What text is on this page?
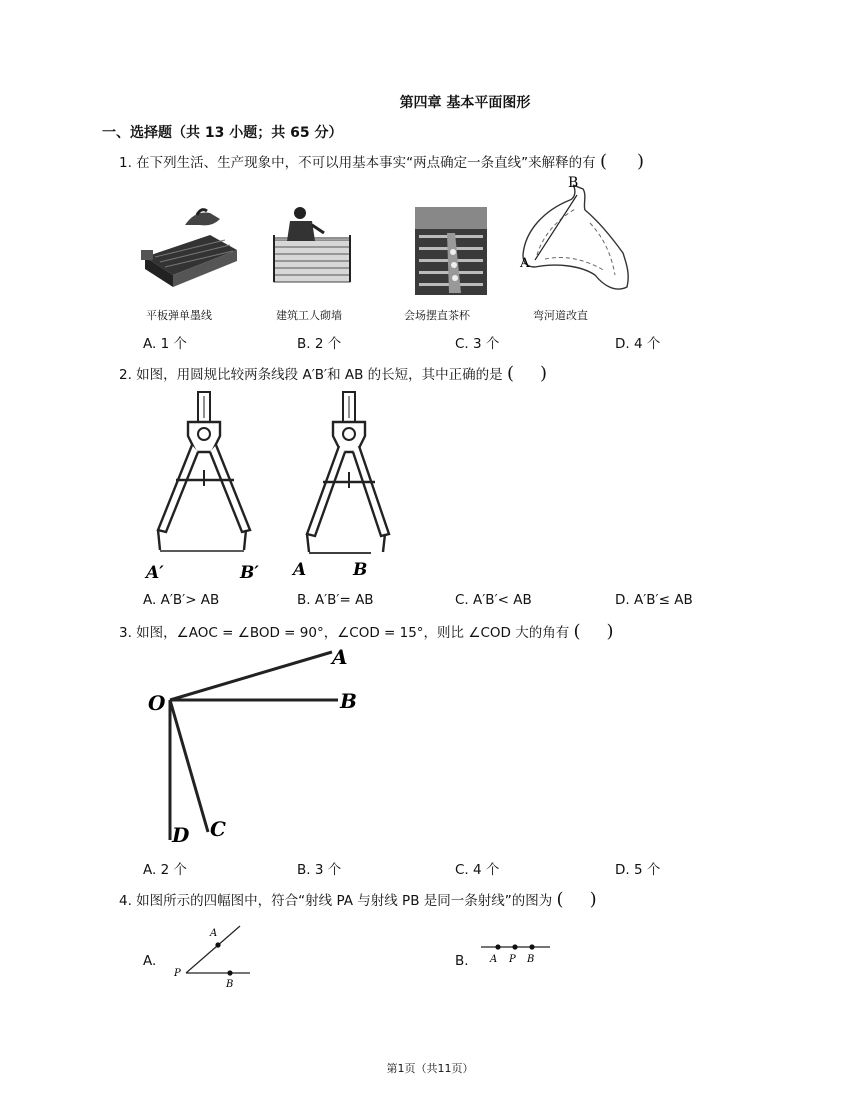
第四章 基本平面图形
一、选择题（共 13 小题；共 65 分）
1. 在下列生活、生产现象中，不可以用基本事实“两点确定一条直线”来解释的有 ( )
B
A
平板弹单墨线	建筑工人砌墙	会场摆直茶杯	弯河道改直
A. 1 个	B. 2 个	C. 3 个	D. 4 个
2. 如图，用圆规比较两条线段 A′B′和 AB 的长短，其中正确的是 ( )
A′	B′ A	B
A. A′B′> AB	B. A′B′= AB	C. A′B′< AB	D. A′B′≤ AB
3. 如图，∠AOC = ∠BOD = 90°，∠COD = 15°，则比 ∠COD 大的角有 ( )
A
O	B
D C
A. 2 个	B. 3 个	C. 4 个	D. 5 个
4. 如图所示的四幅图中，符合“射线 PA 与射线 PB 是同一条射线”的图为 ( )
A.
A
P
B
B. A P B
第1页（共11页）
